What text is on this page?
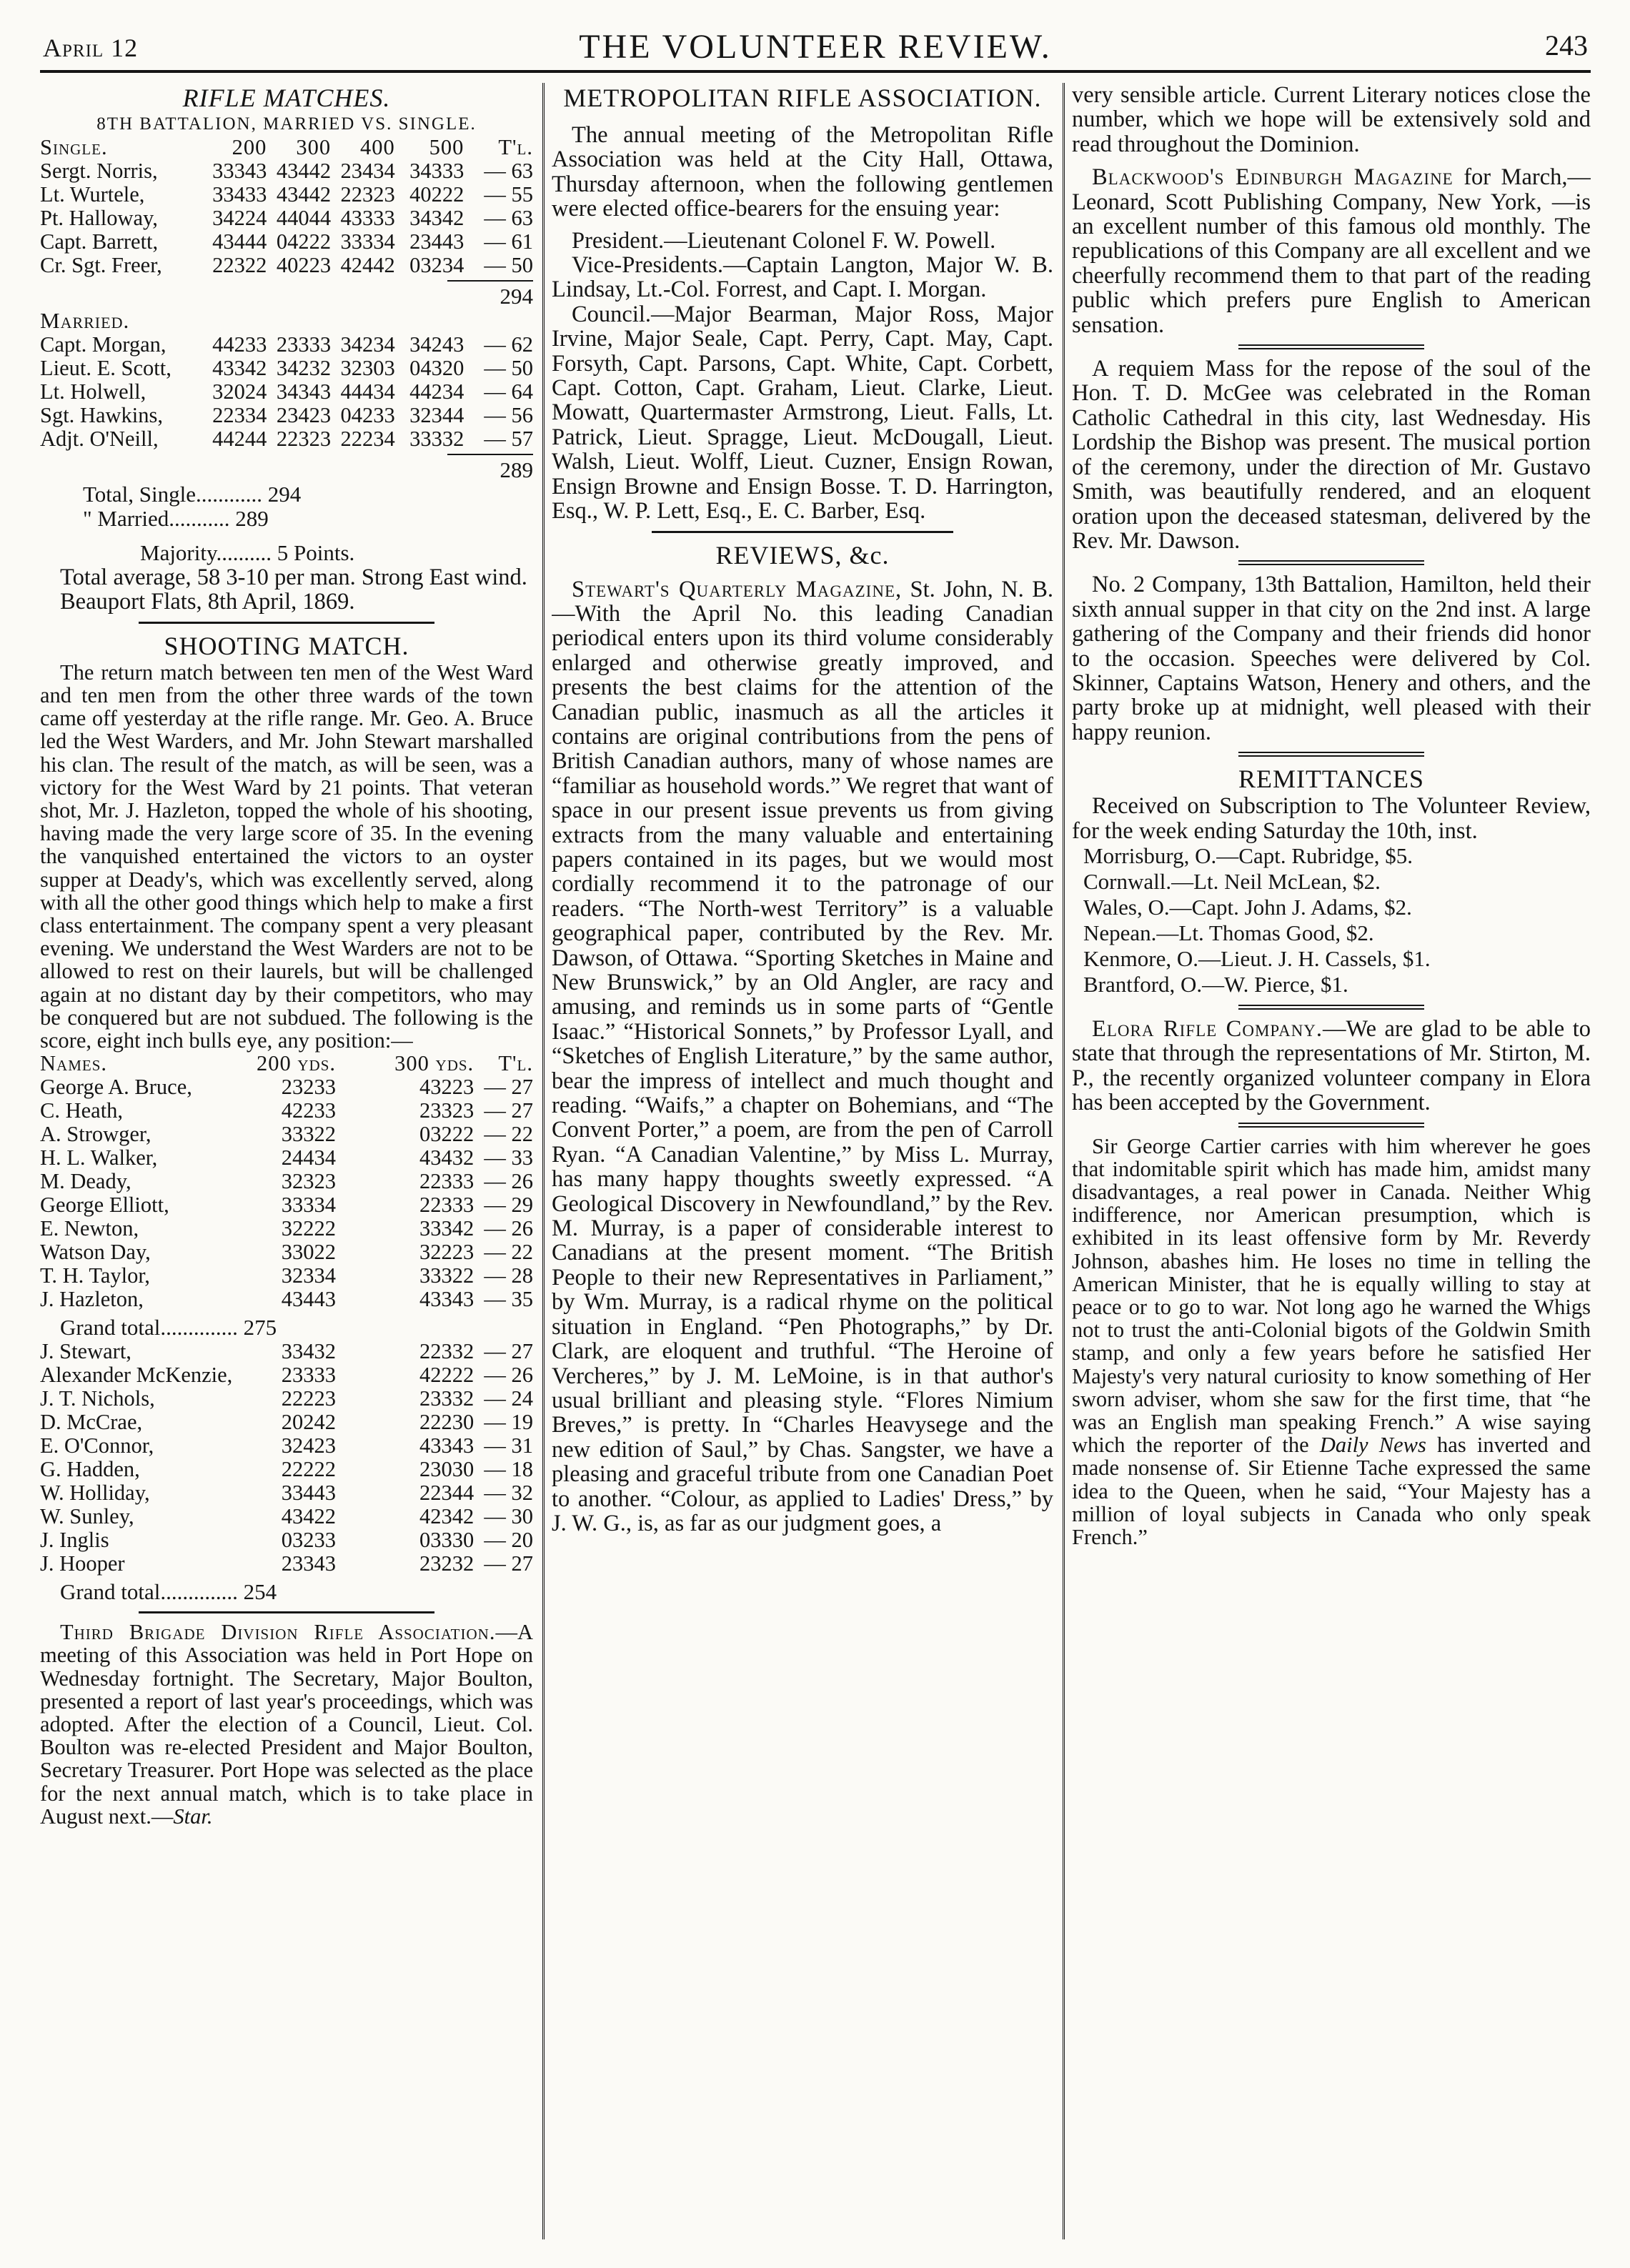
April 12	THE VOLUNTEER REVIEW.	243

RIFLE MATCHES.

8TH BATTALION, MARRIED VS. SINGLE.

Single.	200	300	400	500	T'l.
Sergt. Norris,	33343	43442	23434	34333	— 63
Lt. Wurtele,	33433	43442	22323	40222	— 55
Pt. Halloway,	34224	44044	43333	34342	— 63
Capt. Barrett,	43444	04222	33334	23443	— 61
Cr. Sgt. Freer,	22322	40223	42442	03234	— 50

294

Married.

Capt. Morgan,	44233	23333	34234	34243	— 62
Lieut. E. Scott,	43342	34232	32303	04320	— 50
Lt. Holwell,	32024	34343	44434	44234	— 64
Sgt. Hawkins,	22334	23423	04233	32344	— 56
Adjt. O'Neill,	44244	22323	22234	33332	— 57

289

Total, Single............ 294

" Married........... 289

Majority.......... 5 Points.

Total average, 58 3-10 per man. Strong East wind.

Beauport Flats, 8th April, 1869.

SHOOTING MATCH.

The return match between ten men of the West Ward and ten men from the other three wards of the town came off yesterday at the rifle range. Mr. Geo. A. Bruce led the West Warders, and Mr. John Stewart marshalled his clan. The result of the match, as will be seen, was a victory for the West Ward by 21 points. That veteran shot, Mr. J. Hazleton, topped the whole of his shooting, having made the very large score of 35. In the evening the vanquished entertained the victors to an oyster supper at Deady's, which was excellently served, along with all the other good things which help to make a first class entertainment. The company spent a very pleasant evening. We understand the West Warders are not to be allowed to rest on their laurels, but will be challenged again at no distant day by their competitors, who may be conquered but are not subdued. The following is the score, eight inch bulls eye, any position:—

Names.	200 yds.	300 yds.	T'l.
George A. Bruce,	23233	43223	— 27
C. Heath,	42233	23323	— 27
A. Strowger,	33322	03222	— 22
H. L. Walker,	24434	43432	— 33
M. Deady,	32323	22333	— 26
George Elliott,	33334	22333	— 29
E. Newton,	32222	33342	— 26
Watson Day,	33022	32223	— 22
T. H. Taylor,	32334	33322	— 28
J. Hazleton,	43443	43343	— 35

Grand total.............. 275

J. Stewart,	33432	22332	— 27
Alexander McKenzie,	23333	42222	— 26
J. T. Nichols,	22223	23332	— 24
D. McCrae,	20242	22230	— 19
E. O'Connor,	32423	43343	— 31
G. Hadden,	22222	23030	— 18
W. Holliday,	33443	22344	— 32
W. Sunley,	43422	42342	— 30
J. Inglis	03233	03330	— 20
J. Hooper	23343	23232	— 27

Grand total.............. 254

Third Brigade Division Rifle Association.—A meeting of this Association was held in Port Hope on Wednesday fortnight. The Secretary, Major Boulton, presented a report of last year's proceedings, which was adopted. After the election of a Council, Lieut. Col. Boulton was re-elected President and Major Boulton, Secretary Treasurer. Port Hope was selected as the place for the next annual match, which is to take place in August next.—Star.

METROPOLITAN RIFLE ASSOCIATION.

The annual meeting of the Metropolitan Rifle Association was held at the City Hall, Ottawa, Thursday afternoon, when the following gentlemen were elected office-bearers for the ensuing year:

President.—Lieutenant Colonel F. W. Powell.

Vice-Presidents.—Captain Langton, Major W. B. Lindsay, Lt.-Col. Forrest, and Capt. I. Morgan.

Council.—Major Bearman, Major Ross, Major Irvine, Major Seale, Capt. Perry, Capt. May, Capt. Forsyth, Capt. Parsons, Capt. White, Capt. Corbett, Capt. Cotton, Capt. Graham, Lieut. Clarke, Lieut. Mowatt, Quartermaster Armstrong, Lieut. Falls, Lt. Patrick, Lieut. Spragge, Lieut. McDougall, Lieut. Walsh, Lieut. Wolff, Lieut. Cuzner, Ensign Rowan, Ensign Browne and Ensign Bosse. T. D. Harrington, Esq., W. P. Lett, Esq., E. C. Barber, Esq.

REVIEWS, &c.

Stewart's Quarterly Magazine, St. John, N. B. —With the April No. this leading Canadian periodical enters upon its third volume considerably enlarged and otherwise greatly improved, and presents the best claims for the attention of the Canadian public, inasmuch as all the articles it contains are original contributions from the pens of British Canadian authors, many of whose names are “familiar as household words.” We regret that want of space in our present issue prevents us from giving extracts from the many valuable and entertaining papers contained in its pages, but we would most cordially recommend it to the patronage of our readers. “The North-west Territory” is a valuable geographical paper, contributed by the Rev. Mr. Dawson, of Ottawa. “Sporting Sketches in Maine and New Brunswick,” by an Old Angler, are racy and amusing, and reminds us in some parts of “Gentle Isaac.” “Historical Sonnets,” by Professor Lyall, and “Sketches of English Literature,” by the same author, bear the impress of intellect and much thought and reading. “Waifs,” a chapter on Bohemians, and “The Convent Porter,” a poem, are from the pen of Carroll Ryan. “A Canadian Valentine,” by Miss L. Murray, has many happy thoughts sweetly expressed. “A Geological Discovery in Newfoundland,” by the Rev. M. Murray, is a paper of considerable interest to Canadians at the present moment. “The British People to their new Representatives in Parliament,” by Wm. Murray, is a radical rhyme on the political situation in England. “Pen Photographs,” by Dr. Clark, are eloquent and truthful. “The Heroine of Vercheres,” by J. M. LeMoine, is in that author's usual brilliant and pleasing style. “Flores Nimium Breves,” is pretty. In “Charles Heavysege and the new edition of Saul,” by Chas. Sangster, we have a pleasing and graceful tribute from one Canadian Poet to another. “Colour, as applied to Ladies' Dress,” by J. W. G., is, as far as our judgment goes, a

very sensible article. Current Literary notices close the number, which we hope will be extensively sold and read throughout the Dominion.

Blackwood's Edinburgh Magazine for March,—Leonard, Scott Publishing Company, New York, —is an excellent number of this famous old monthly. The republications of this Company are all excellent and we cheerfully recommend them to that part of the reading public which prefers pure English to American sensation.

A requiem Mass for the repose of the soul of the Hon. T. D. McGee was celebrated in the Roman Catholic Cathedral in this city, last Wednesday. His Lordship the Bishop was present. The musical portion of the ceremony, under the direction of Mr. Gustavo Smith, was beautifully rendered, and an eloquent oration upon the deceased statesman, delivered by the Rev. Mr. Dawson.

No. 2 Company, 13th Battalion, Hamilton, held their sixth annual supper in that city on the 2nd inst. A large gathering of the Company and their friends did honor to the occasion. Speeches were delivered by Col. Skinner, Captains Watson, Henery and others, and the party broke up at midnight, well pleased with their happy reunion.

REMITTANCES

Received on Subscription to The Volunteer Review, for the week ending Saturday the 10th, inst.

Morrisburg, O.—Capt. Rubridge, $5.

Cornwall.—Lt. Neil McLean, $2.

Wales, O.—Capt. John J. Adams, $2.

Nepean.—Lt. Thomas Good, $2.

Kenmore, O.—Lieut. J. H. Cassels, $1.

Brantford, O.—W. Pierce, $1.

Elora Rifle Company.—We are glad to be able to state that through the representations of Mr. Stirton, M. P., the recently organized volunteer company in Elora has been accepted by the Government.

Sir George Cartier carries with him wherever he goes that indomitable spirit which has made him, amidst many disadvantages, a real power in Canada. Neither Whig indifference, nor American presumption, which is exhibited in its least offensive form by Mr. Reverdy Johnson, abashes him. He loses no time in telling the American Minister, that he is equally willing to stay at peace or to go to war. Not long ago he warned the Whigs not to trust the anti-Colonial bigots of the Goldwin Smith stamp, and only a few years before he satisfied Her Majesty's very natural curiosity to know something of Her sworn adviser, whom she saw for the first time, that “he was an English man speaking French.” A wise saying which the reporter of the Daily News has inverted and made nonsense of. Sir Etienne Tache expressed the same idea to the Queen, when he said, “Your Majesty has a million of loyal subjects in Canada who only speak French.”
